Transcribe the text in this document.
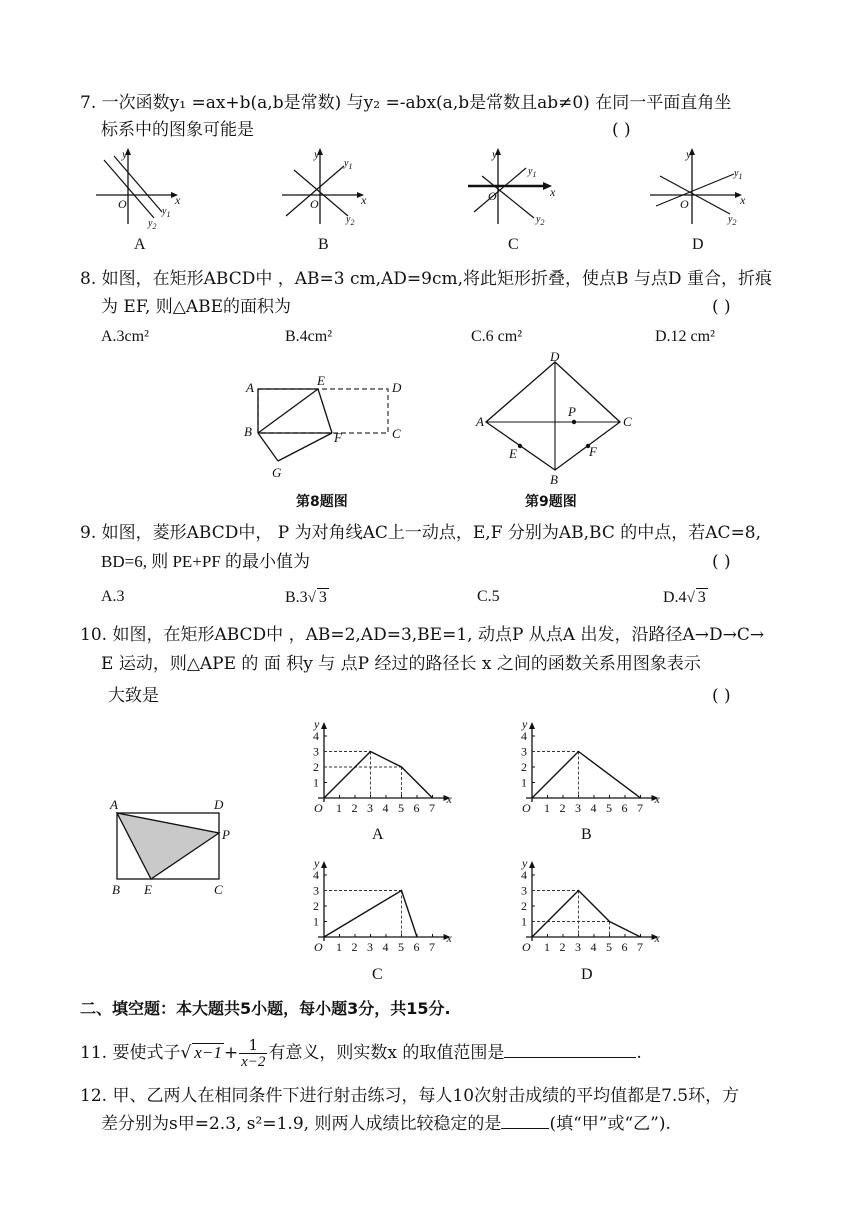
7. 一次函数y₁ =ax+b(a,b是常数) 与y₂ =-abx(a,b是常数且ab≠0) 在同一平面直角坐
标系中的图象可能是	( )
y
x
O
$y_1$
$y_2$
A
y
x
O
$y_1$
$y_2$
B
y
x
O
$y_1$
$y_2$
C
y
x
O
$y_1$
$y_2$
D
8. 如图，在矩形ABCD中 ，AB=3 cm,AD=9cm,将此矩形折叠，使点B 与点D 重合，折痕
为 EF, 则△ABE的面积为	( )
A.3cm²	B.4cm²	C.6 cm²	D.12 cm²
A	E	D
B	F	C
G
第8题图
D
A	C
P
E	F
B
第9题图
9. 如图，菱形ABCD中， P 为对角线AC上一动点，E,F 分别为AB,BC 的中点，若AC=8,
BD=6, 则 PE+PF 的最小值为	( )
A.3	B.3√ 3	C.5	D.4√ 3
10. 如图，在矩形ABCD中 ，AB=2,AD=3,BE=1, 动点P 从点A 出发，沿路径A→D→C→
E 运动，则△APE 的 面 积y 与 点P 经过的路径长 x 之间的函数关系用图象表示
大致是	( )
A	D
P
B E	C
x
y
O 1 2 3 4 5 6 7
1
2
3
4
A
x
y
O 1 2 3 4 5 6 7
1
2
3
4
B
x
y
O 1 2 3 4 5 6 7
1
2
3
4
C
x
y
O 1 2 3 4 5 6 7
1
2
3
4
D
二、填空题：本大题共5小题，每小题3分，共15分.
11. 要使式子√ $x-1 + \frac{1}{x-2}$ 有意义，则实数x 的取值范围是	.
12. 甲、乙两人在相同条件下进行射击练习，每人10次射击成绩的平均值都是7.5环，方
差分别为s甲=2.3, s²=1.9, 则两人成绩比较稳定的是	(填“甲”或“乙”).
